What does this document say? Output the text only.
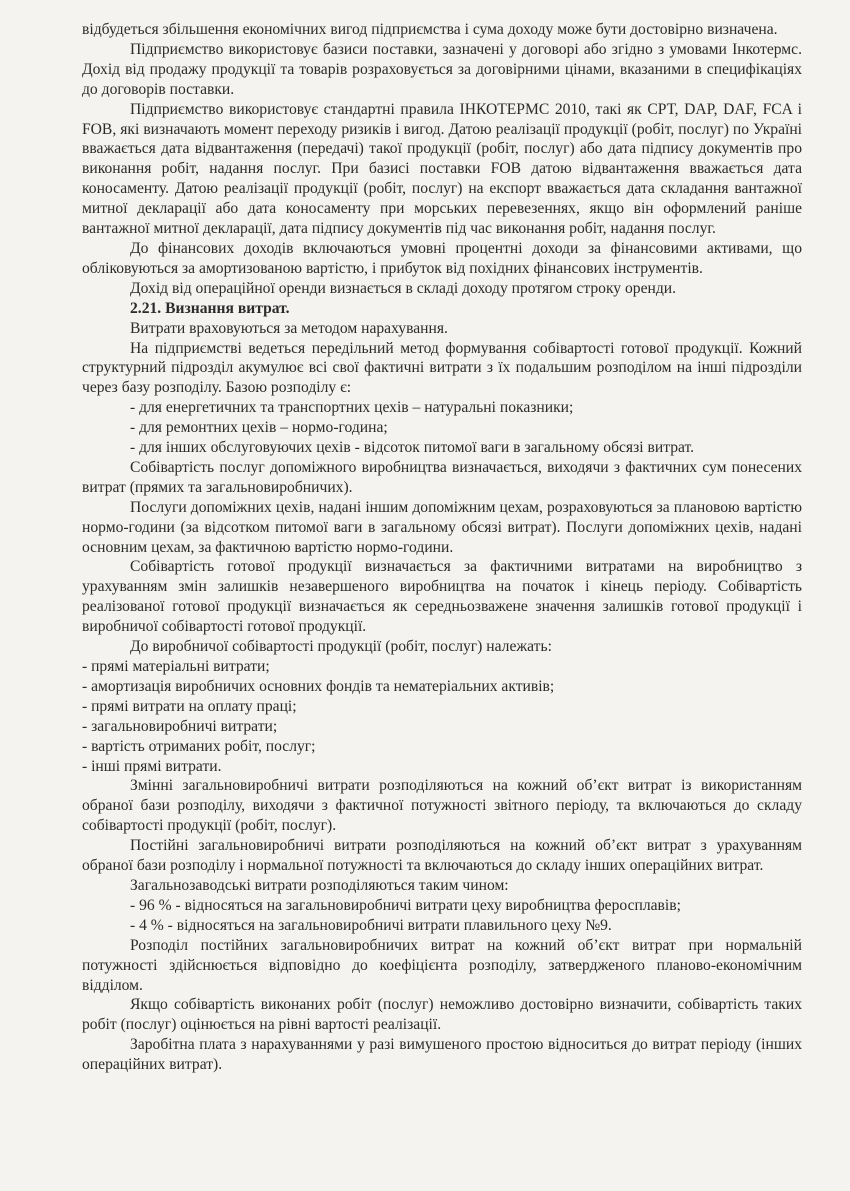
відбудеться збільшення економічних вигод підприємства і сума доходу може бути достовірно визначена.

Підприємство використовує базиси поставки, зазначені у договорі або згідно з умовами Інкотермс. Дохід від продажу продукції та товарів розраховується за договірними цінами, вказаними в специфікаціях до договорів поставки.

Підприємство використовує стандартні правила ІНКОТЕРМС 2010, такі як СРТ, DAP, DAF, FCA і FOB, які визначають момент переходу ризиків і вигод. Датою реалізації продукції (робіт, послуг) по Україні вважається дата відвантаження (передачі) такої продукції (робіт, послуг) або дата підпису документів про виконання робіт, надання послуг. При базисі поставки FOB датою відвантаження вважається дата коносаменту. Датою реалізації продукції (робіт, послуг) на експорт вважається дата складання вантажної митної декларації або дата коносаменту при морських перевезеннях, якщо він оформлений раніше вантажної митної декларації, дата підпису документів під час виконання робіт, надання послуг.

До фінансових доходів включаються умовні процентні доходи за фінансовими активами, що обліковуються за амортизованою вартістю, і прибуток від похідних фінансових інструментів.

Дохід від операційної оренди визнається в складі доходу протягом строку оренди.

2.21. Визнання витрат.

Витрати враховуються за методом нарахування.

На підприємстві ведеться передільний метод формування собівартості готової продукції. Кожний структурний підрозділ акумулює всі свої фактичні витрати з їх подальшим розподілом на інші підрозділи через базу розподілу. Базою розподілу є:

- для енергетичних та транспортних цехів – натуральні показники;

- для ремонтних цехів – нормо-година;

- для інших обслуговуючих цехів - відсоток питомої ваги в загальному обсязі витрат.

Собівартість послуг допоміжного виробництва визначається, виходячи з фактичних сум понесених витрат (прямих та загальновиробничих).

Послуги допоміжних цехів, надані іншим допоміжним цехам, розраховуються за плановою вартістю нормо-години (за відсотком питомої ваги в загальному обсязі витрат). Послуги допоміжних цехів, надані основним цехам, за фактичною вартістю нормо-години.

Собівартість готової продукції визначається за фактичними витратами на виробництво з урахуванням змін залишків незавершеного виробництва на початок і кінець періоду. Собівартість реалізованої готової продукції визначається як середньозважене значення залишків готової продукції і виробничої собівартості готової продукції.

До виробничої собівартості продукції (робіт, послуг) належать:

- прямі матеріальні витрати;

- амортизація виробничих основних фондів та нематеріальних активів;

- прямі витрати на оплату праці;

- загальновиробничі витрати;

- вартість отриманих робіт, послуг;

- інші прямі витрати.

Змінні загальновиробничі витрати розподіляються на кожний об’єкт витрат із використанням обраної бази розподілу, виходячи з фактичної потужності звітного періоду, та включаються до складу собівартості продукції (робіт, послуг).

Постійні загальновиробничі витрати розподіляються на кожний об’єкт витрат з урахуванням обраної бази розподілу і нормальної потужності та включаються до складу інших операційних витрат.

Загальнозаводські витрати розподіляються таким чином:

- 96 % - відносяться на загальновиробничі витрати цеху виробництва феросплавів;

- 4 % - відносяться на загальновиробничі витрати плавильного цеху №9.

Розподіл постійних загальновиробничих витрат на кожний об’єкт витрат при нормальній потужності здійснюється відповідно до коефіцієнта розподілу, затвердженого планово-економічним відділом.

Якщо собівартість виконаних робіт (послуг) неможливо достовірно визначити, собівартість таких робіт (послуг) оцінюється на рівні вартості реалізації.

Заробітна плата з нарахуваннями у разі вимушеного простою відноситься до витрат періоду (інших операційних витрат).
